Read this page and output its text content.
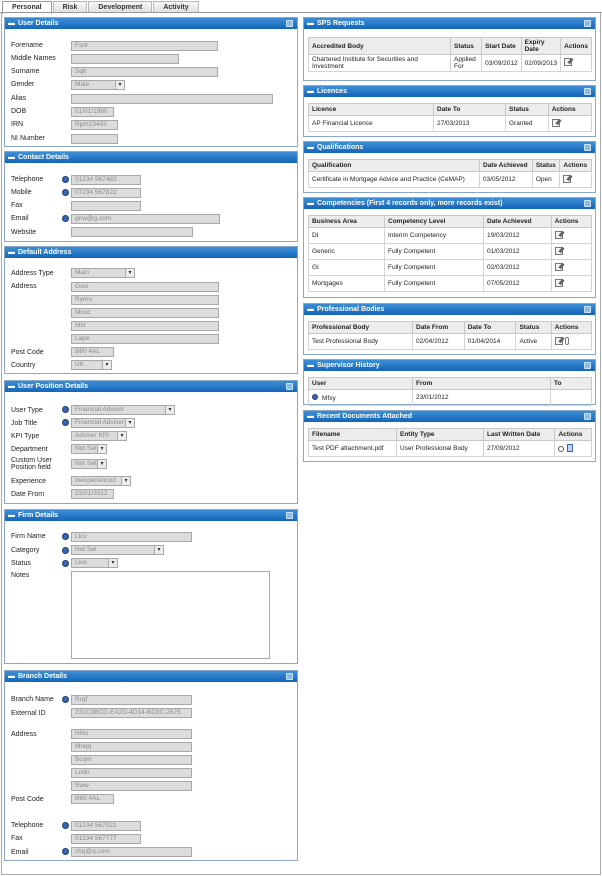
Personal	Risk	Development	Activity
▬ User Details
Forename	Fsnr
Middle Names
Surname	Sqlt
Gender	Male ▾
Alias
DOB	01/01/1980
IRN	Rpm23443
NI Number
▬ Contact Details
Telephone	01234 567483
Mobile	07234 567822
Fax
Email	gnw@g.com
Website
▬ Default Address
Address Type	Main ▾
Address	Gvio
Rymu
Mcoc
Mtir
Lape
Post Code	B60 4AL
Country	UK ▾
▬ User Position Details
User Type	Financial Adviser ▾
Job Title	Financial Adviser ▾
KPI Type	Adviser KPI ▾
Department	Not Set ▾
Custom User Position field
Not Set ▾
Experience	Inexperienced ▾
Date From	23/01/2012
▬ Firm Details
Firm Name	Ltcv
Category	Not Set ▾
Status	Live ▾
Notes
▬ Branch Details
Branch Name	Rrgf
External ID	231C3BCD-EA2D-4D14-BD3C-2675
Address	Nhts
Mnqq
Bcqm
Lndn
Sww
Post Code	B60 4AL
Telephone	01234 567021
Fax	01234 567777
Email	chq@q.com
▬ SPS Requests
Accredited Body	Status	Start Date	Expiry Date	Actions
Chartered Institute for Securities and Investment	Applied For	03/09/2012	02/09/2013	
▬ Licences
Licence	Date To	Status	Actions
AP Financial Licence	27/03/2013	Granted	
▬ Qualifications
Qualification	Date Achieved	Status	Actions
Certificate in Mortgage Advice and Practice (CeMAP)	03/05/2012	Open	
▬ Competencies (First 4 records only, more records exist)
Business Area	Competency Level	Date Achieved	Actions
DI	Interim Competency	19/03/2012	
Generic	Fully Competent	01/03/2012	
GI	Fully Competent	02/03/2012	
Mortgages	Fully Competent	07/05/2012	
▬ Professional Bodies
Professional Body	Date From	Date To	Status	Actions
Test Professional Body	02/04/2012	01/04/2014	Active	
▬ Supervisor History
User	From	To
Mfxy	23/01/2012	
▬ Recent Documents Attached
Filename	Entity Type	Last Written Date	Actions
Test PDF attachment.pdf	User Professional Body	27/09/2012	
